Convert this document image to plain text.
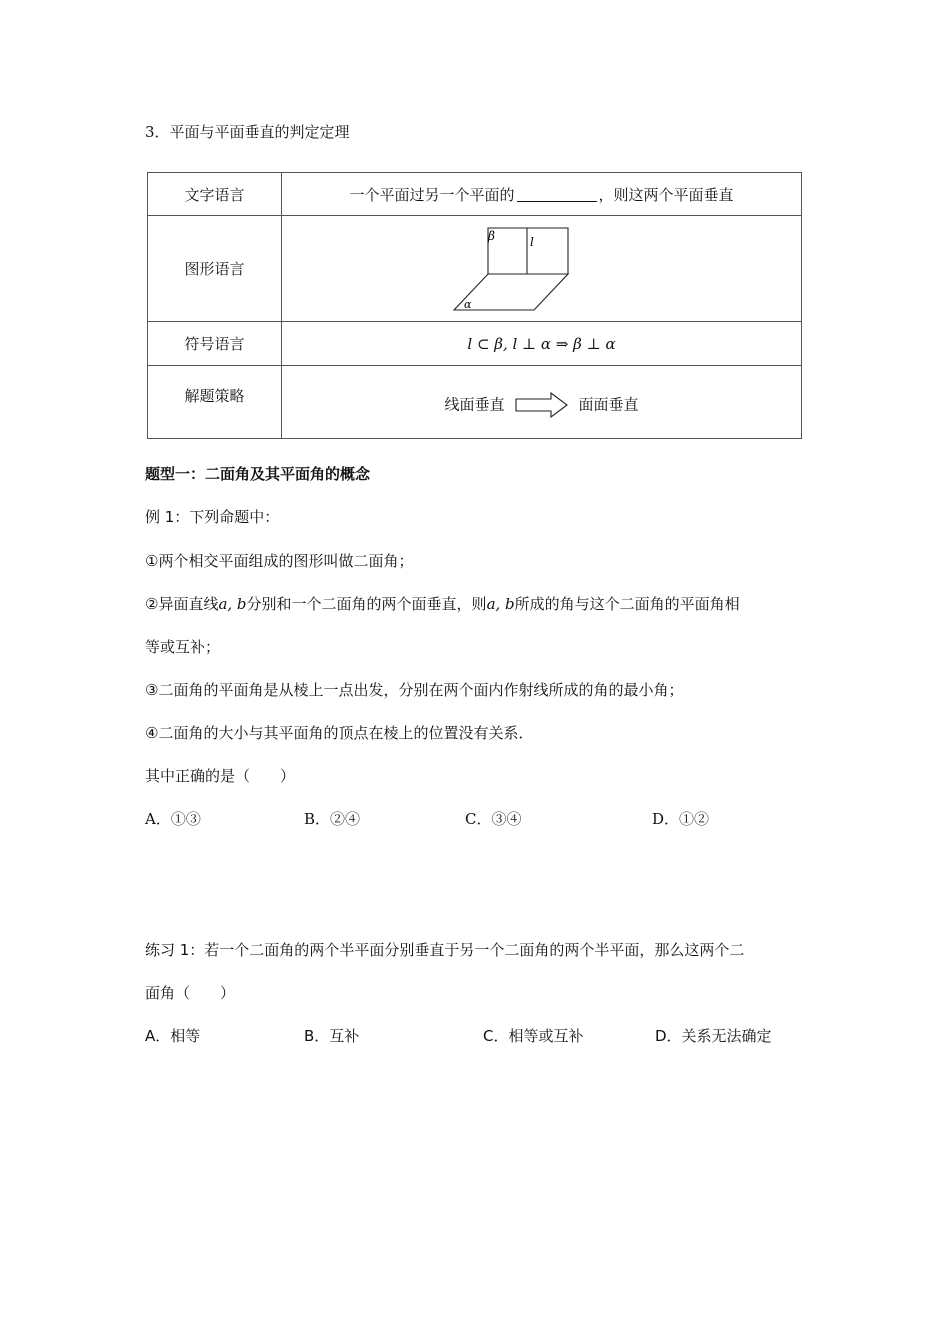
3．平面与平面垂直的判定定理
文字语言	一个平面过另一个平面的 ，则这两个平面垂直
图形语言	β l
α

符号语言	l ⊂ β, l ⊥ α ⇒ β ⊥ α
解题策略	线面垂直 面面垂直
题型一：二面角及其平面角的概念
例 1：下列命题中：
①两个相交平面组成的图形叫做二面角；
②异面直线a, b分别和一个二面角的两个面垂直，则a, b所成的角与这个二面角的平面角相
等或互补；
③二面角的平面角是从棱上一点出发，分别在两个面内作射线所成的角的最小角；
④二面角的大小与其平面角的顶点在棱上的位置没有关系．
其中正确的是（　　）
A．①③	B．②④	C．③④	D．①②
练习 1：若一个二面角的两个半平面分别垂直于另一个二面角的两个半平面，那么这两个二
面角（　　）
A．相等	B．互补	C．相等或互补	D．关系无法确定
